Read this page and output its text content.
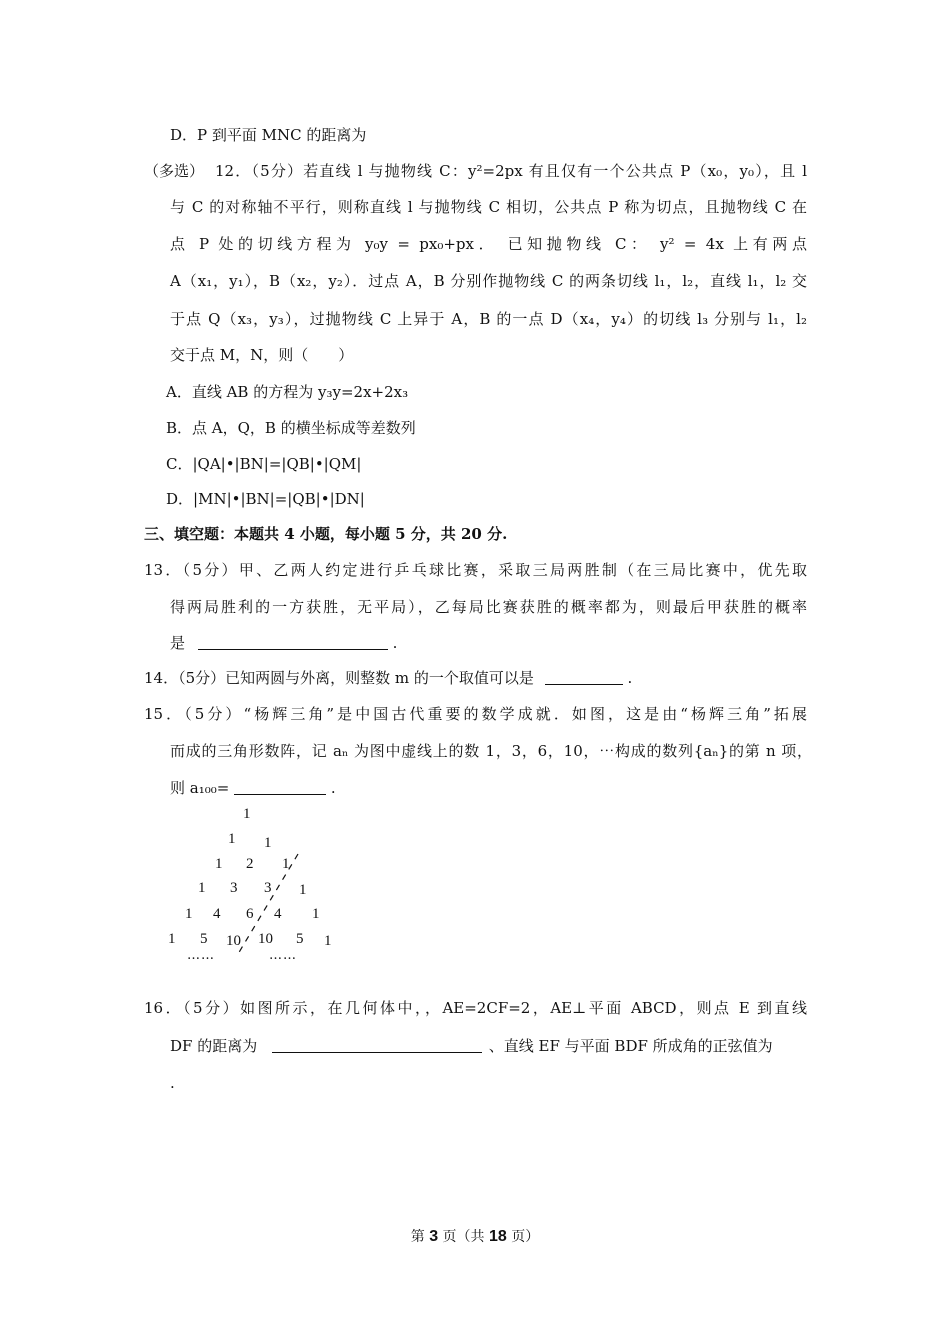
D．P 到平面 MNC 的距离为
（多选） 12．（5分）若直线 l 与抛物线 C：y²=2px 有且仅有一个公共点 P（x₀，y₀），且 l
与 C 的对称轴不平行，则称直线 l 与抛物线 C 相切，公共点 P 称为切点，且抛物线 C 在
点 P 处的切线方程为 y₀y = px₀+px． 已知抛物线 C： y² = 4x 上有两点
A（x₁，y₁），B（x₂，y₂）．过点 A，B 分别作抛物线 C 的两条切线 l₁，l₂，直线 l₁，l₂ 交
于点 Q（x₃，y₃），过抛物线 C 上异于 A，B 的一点 D（x₄，y₄）的切线 l₃ 分别与 l₁，l₂
交于点 M，N，则（　　）
A．直线 AB 的方程为 y₃y=2x+2x₃
B．点 A，Q，B 的横坐标成等差数列
C．|QA|•|BN|=|QB|•|QM|
D．|MN|•|BN|=|QB|•|DN|
三、填空题：本题共 4 小题，每小题 5 分，共 20 分.
13．（5分）甲、乙两人约定进行乒乓球比赛，采取三局两胜制（在三局比赛中，优先取
得两局胜利的一方获胜，无平局），乙每局比赛获胜的概率都为，则最后甲获胜的概率
是	.
14．（5分）已知两圆与外离，则整数 m 的一个取值可以是	.
15．（5分）“杨辉三角”是中国古代重要的数学成就．如图，这是由“杨辉三角”拓展
而成的三角形数阵，记 aₙ 为图中虚线上的数 1，3，6，10，⋯构成的数列{aₙ}的第 n 项，
则 a₁₀₀=	.
1
1 1
1 2 1
1 3 3 1
1 4 6 4 1
1 5 10 10 5 1
……	……
16．（5分）如图所示，在几何体中，，AE=2CF=2，AE⊥平面 ABCD，则点 E 到直线
DF 的距离为	、直线 EF 与平面 BDF 所成角的正弦值为
.
第 3 页（共 18 页）
